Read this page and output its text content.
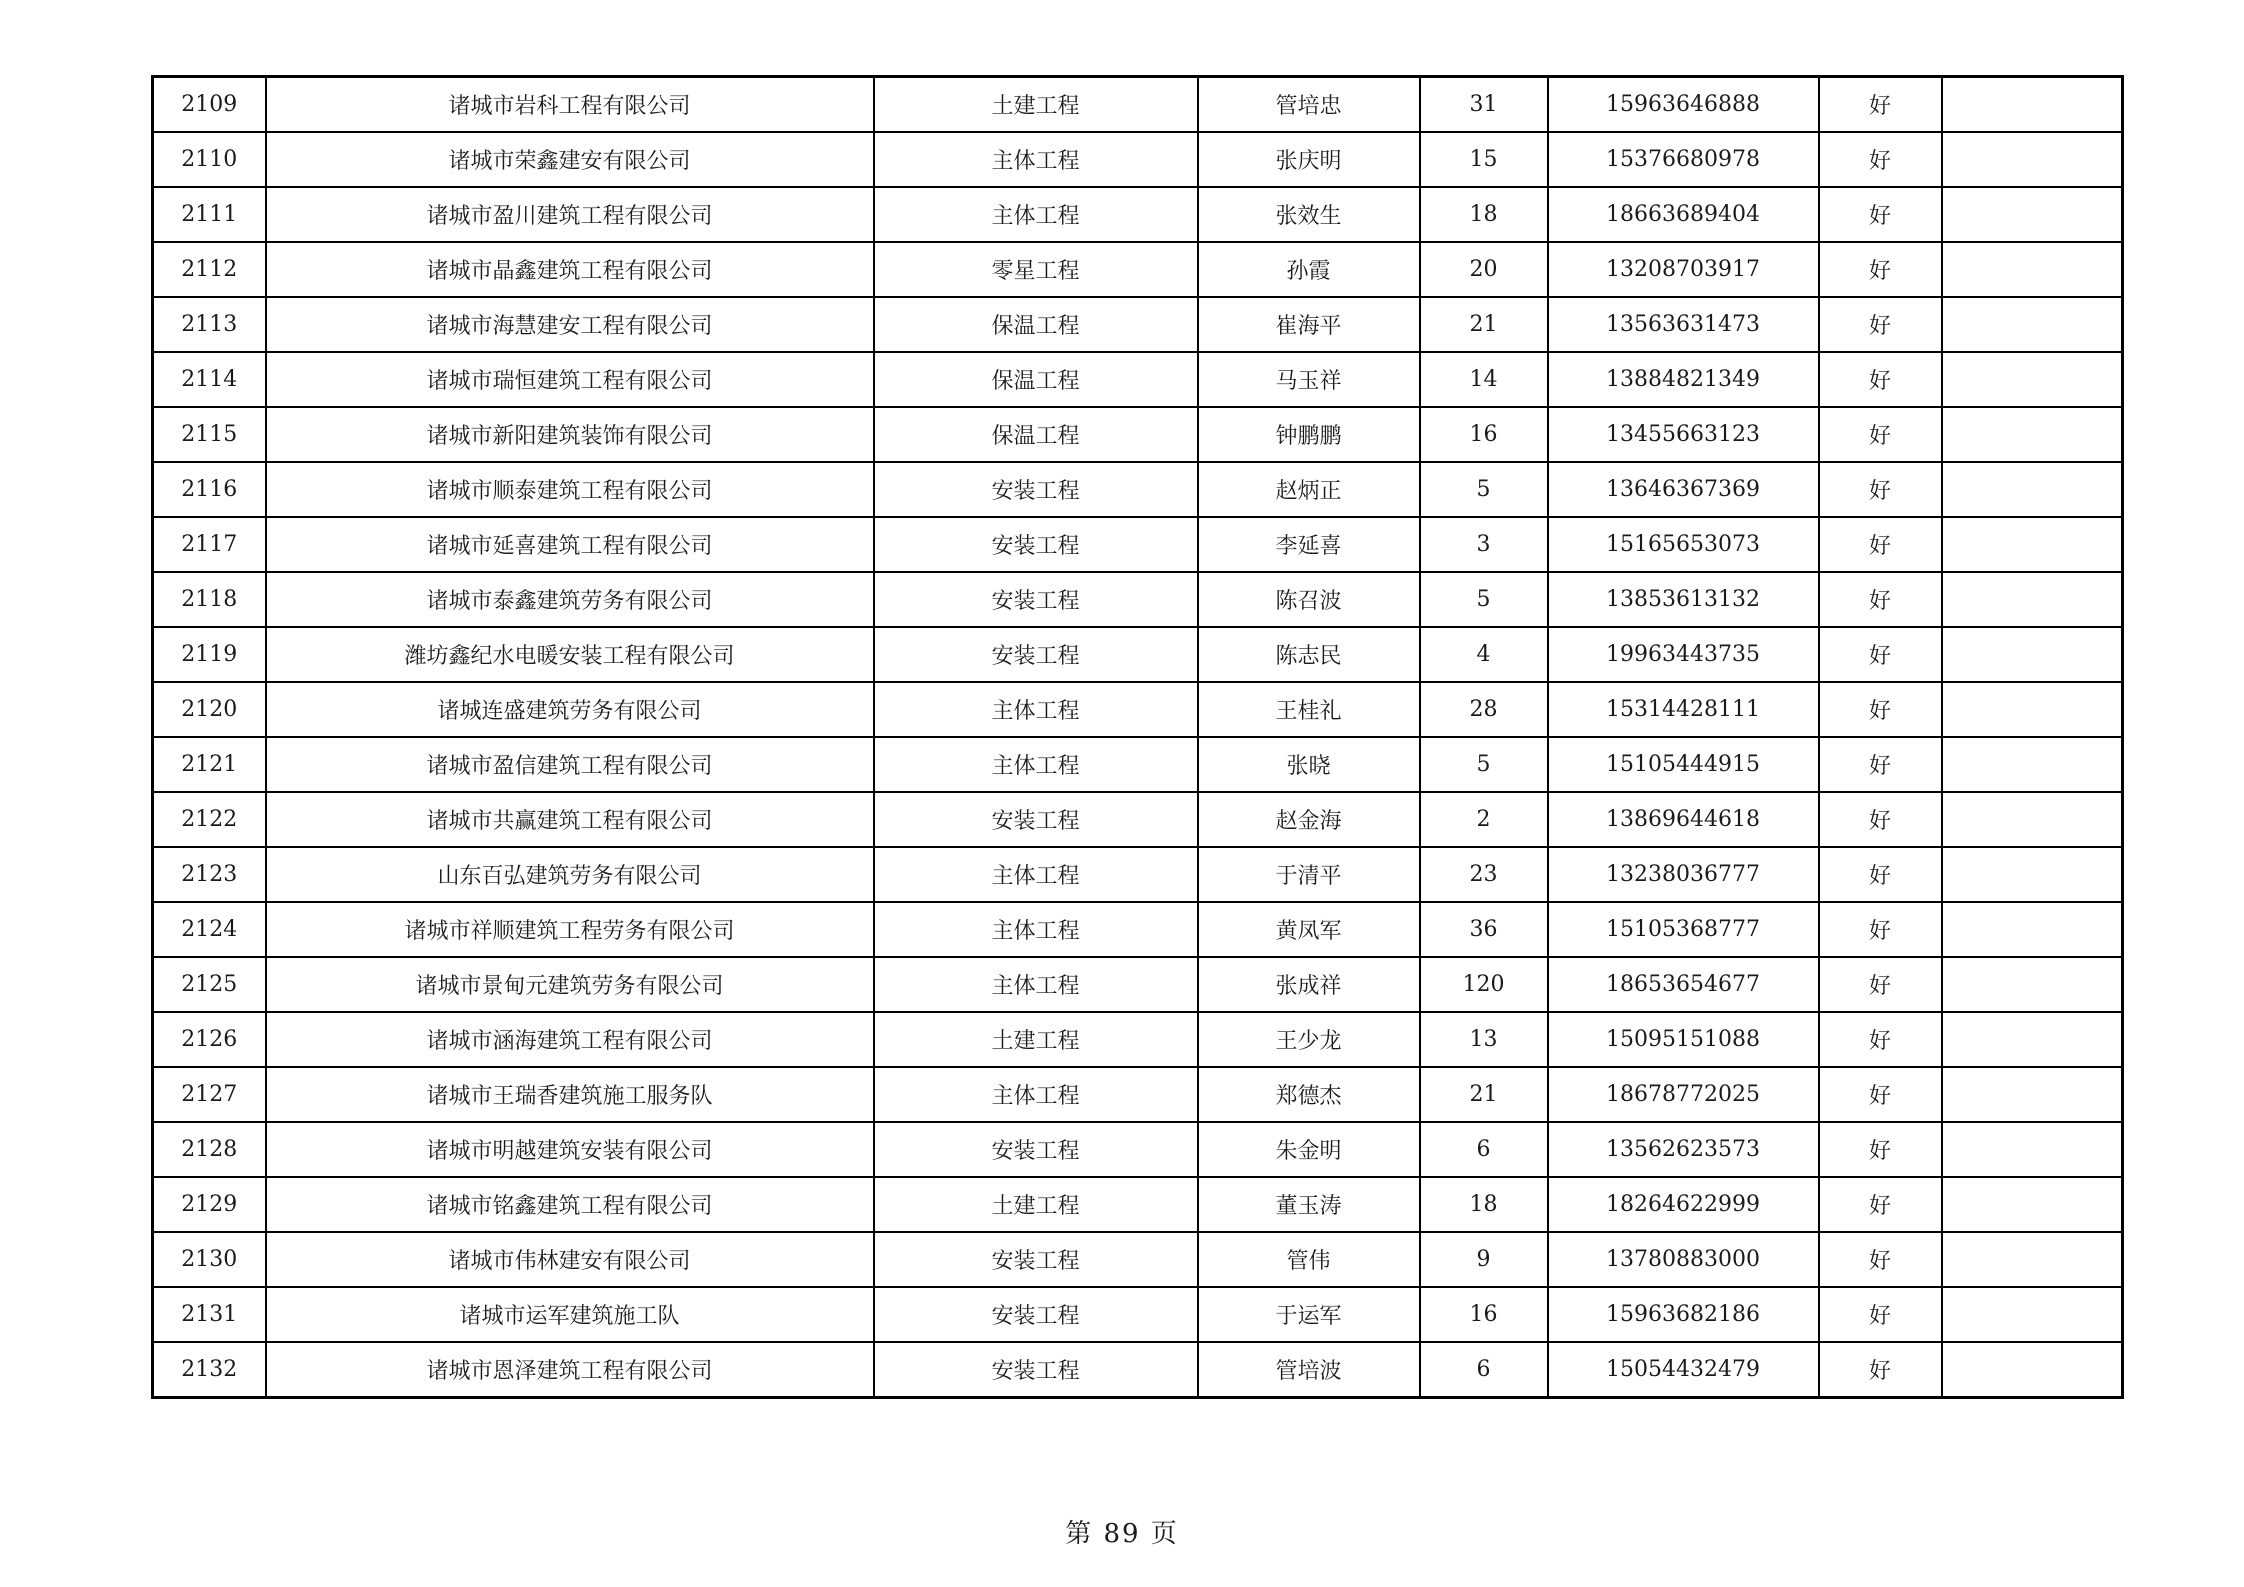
2109	诸城市岩科工程有限公司	土建工程	管培忠	31	15963646888	好	
2110	诸城市荣鑫建安有限公司	主体工程	张庆明	15	15376680978	好	
2111	诸城市盈川建筑工程有限公司	主体工程	张效生	18	18663689404	好	
2112	诸城市晶鑫建筑工程有限公司	零星工程	孙霞	20	13208703917	好	
2113	诸城市海慧建安工程有限公司	保温工程	崔海平	21	13563631473	好	
2114	诸城市瑞恒建筑工程有限公司	保温工程	马玉祥	14	13884821349	好	
2115	诸城市新阳建筑装饰有限公司	保温工程	钟鹏鹏	16	13455663123	好	
2116	诸城市顺泰建筑工程有限公司	安装工程	赵炳正	5	13646367369	好	
2117	诸城市延喜建筑工程有限公司	安装工程	李延喜	3	15165653073	好	
2118	诸城市泰鑫建筑劳务有限公司	安装工程	陈召波	5	13853613132	好	
2119	潍坊鑫纪水电暖安装工程有限公司	安装工程	陈志民	4	19963443735	好	
2120	诸城连盛建筑劳务有限公司	主体工程	王桂礼	28	15314428111	好	
2121	诸城市盈信建筑工程有限公司	主体工程	张晓	5	15105444915	好	
2122	诸城市共赢建筑工程有限公司	安装工程	赵金海	2	13869644618	好	
2123	山东百弘建筑劳务有限公司	主体工程	于清平	23	13238036777	好	
2124	诸城市祥顺建筑工程劳务有限公司	主体工程	黄凤军	36	15105368777	好	
2125	诸城市景甸元建筑劳务有限公司	主体工程	张成祥	120	18653654677	好	
2126	诸城市涵海建筑工程有限公司	土建工程	王少龙	13	15095151088	好	
2127	诸城市王瑞香建筑施工服务队	主体工程	郑德杰	21	18678772025	好	
2128	诸城市明越建筑安装有限公司	安装工程	朱金明	6	13562623573	好	
2129	诸城市铭鑫建筑工程有限公司	土建工程	董玉涛	18	18264622999	好	
2130	诸城市伟林建安有限公司	安装工程	管伟	9	13780883000	好	
2131	诸城市运军建筑施工队	安装工程	于运军	16	15963682186	好	
2132	诸城市恩泽建筑工程有限公司	安装工程	管培波	6	15054432479	好	
第 89 页
